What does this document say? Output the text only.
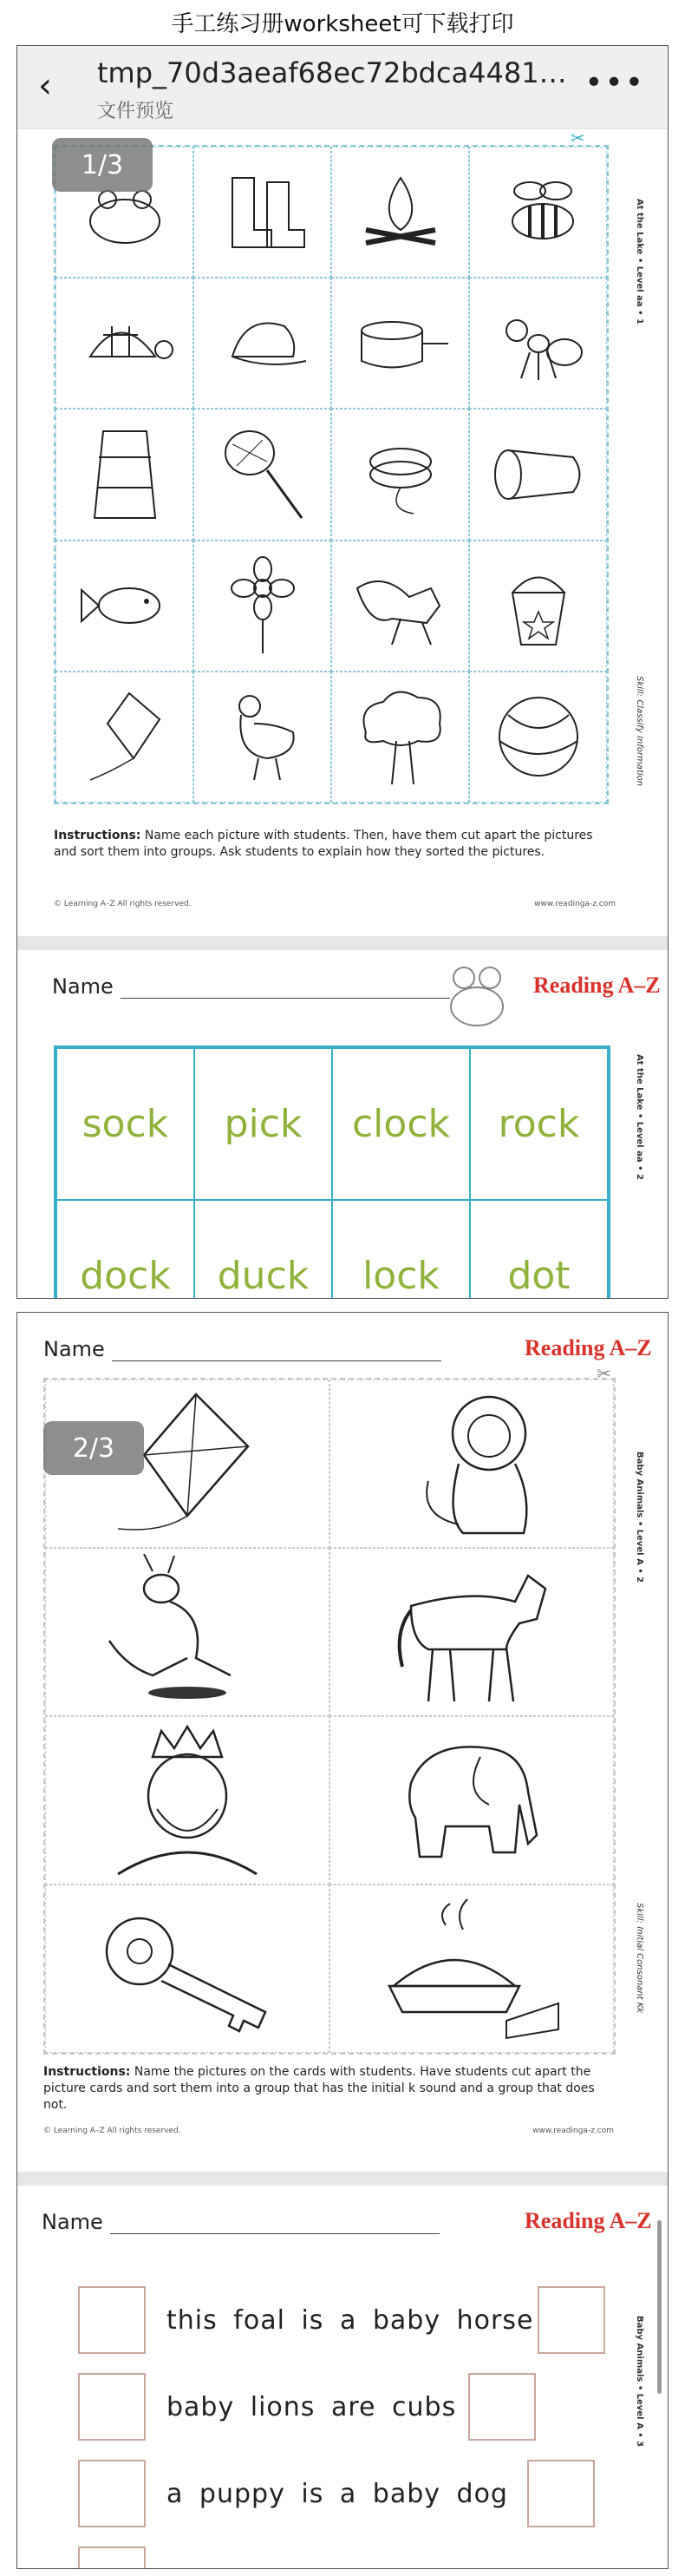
手工练习册worksheet可下载打印
‹ tmp_70d3aeaf68ec72bdca4481…
文件预览
•••
✂
1/3
Instructions: Name each picture with students. Then, have them cut apart the pictures and sort them into groups. Ask students to explain how they sorted the pictures.
© Learning A–Z All rights reserved.	www.readinga-z.com
At the Lake • Level aa • 1
Skill: Classify Information
Name	Reading A–Z
sock	pick	clock	rock
dock	duck	lock	dot
At the Lake • Level aa • 2
Name	Reading A–Z
✂
2/3
Instructions: Name the pictures on the cards with students. Have students cut apart the picture cards and sort them into a group that has the initial k sound and a group that does not.
© Learning A–Z All rights reserved.	www.readinga-z.com
Baby Animals • Level A • 2
Skill: Initial Consonant Kk
Name	Reading A–Z
this foal is a baby horse
baby lions are cubs
a puppy is a baby dog
Baby Animals • Level A • 3
